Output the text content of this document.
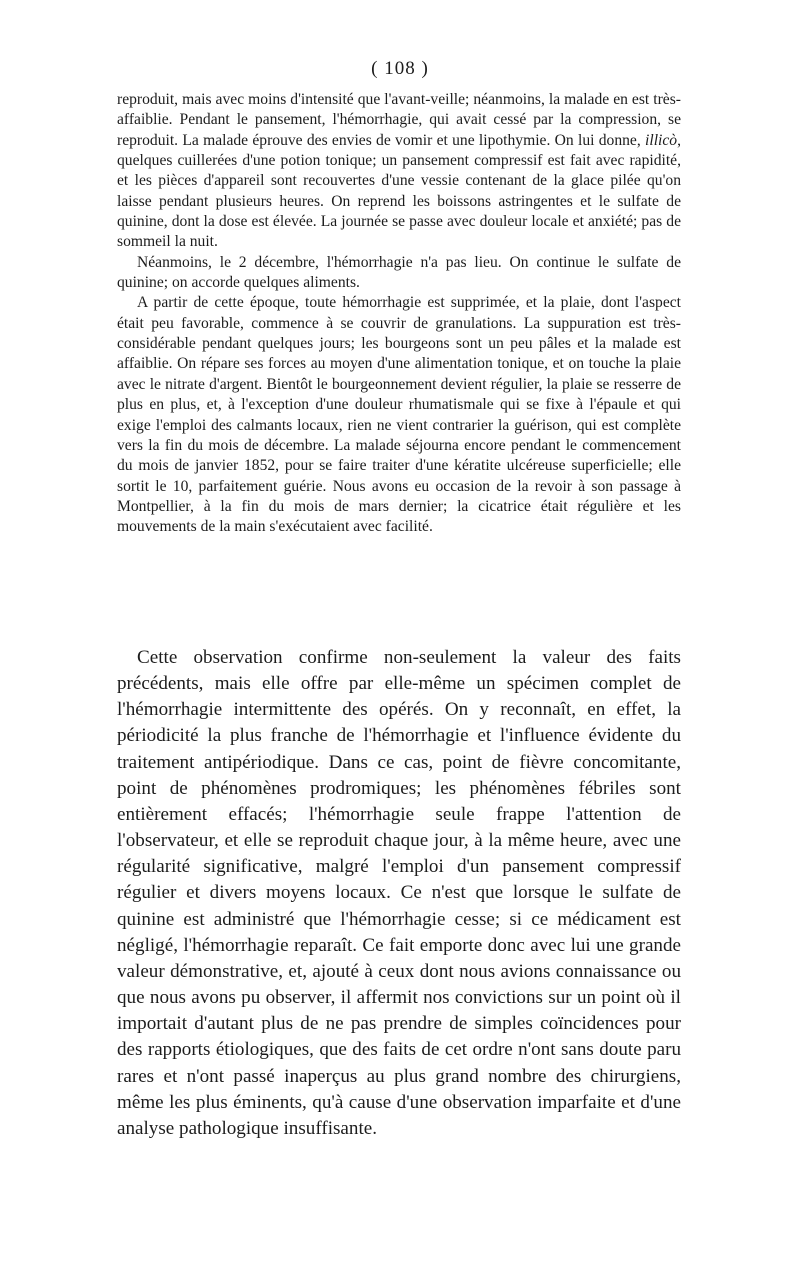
( 108 )

reproduit, mais avec moins d'intensité que l'avant-veille; néanmoins, la malade en est très-affaiblie. Pendant le pansement, l'hémorrhagie, qui avait cessé par la compression, se reproduit. La malade éprouve des envies de vomir et une lipothymie. On lui donne, illicò, quelques cuillerées d'une potion tonique; un pansement compressif est fait avec rapidité, et les pièces d'appareil sont recouvertes d'une vessie contenant de la glace pilée qu'on laisse pendant plusieurs heures. On reprend les boissons astringentes et le sulfate de quinine, dont la dose est élevée. La journée se passe avec douleur locale et anxiété; pas de sommeil la nuit.

Néanmoins, le 2 décembre, l'hémorrhagie n'a pas lieu. On continue le sulfate de quinine; on accorde quelques aliments.

A partir de cette époque, toute hémorrhagie est supprimée, et la plaie, dont l'aspect était peu favorable, commence à se couvrir de granulations. La suppuration est très-considérable pendant quelques jours; les bourgeons sont un peu pâles et la malade est affaiblie. On répare ses forces au moyen d'une alimentation tonique, et on touche la plaie avec le nitrate d'argent. Bientôt le bourgeonnement devient régulier, la plaie se resserre de plus en plus, et, à l'exception d'une douleur rhumatismale qui se fixe à l'épaule et qui exige l'emploi des calmants locaux, rien ne vient contrarier la guérison, qui est complète vers la fin du mois de décembre. La malade séjourna encore pendant le commencement du mois de janvier 1852, pour se faire traiter d'une kératite ulcéreuse superficielle; elle sortit le 10, parfaitement guérie. Nous avons eu occasion de la revoir à son passage à Montpellier, à la fin du mois de mars dernier; la cicatrice était régulière et les mouvements de la main s'exécutaient avec facilité.

Cette observation confirme non-seulement la valeur des faits précédents, mais elle offre par elle-même un spécimen complet de l'hémorrhagie intermittente des opérés. On y reconnaît, en effet, la périodicité la plus franche de l'hémorrhagie et l'influence évidente du traitement antipériodique. Dans ce cas, point de fièvre concomitante, point de phénomènes prodromiques; les phénomènes fébriles sont entièrement effacés; l'hémorrhagie seule frappe l'attention de l'observateur, et elle se reproduit chaque jour, à la même heure, avec une régularité significative, malgré l'emploi d'un pansement compressif régulier et divers moyens locaux. Ce n'est que lorsque le sulfate de quinine est administré que l'hémorrhagie cesse; si ce médicament est négligé, l'hémorrhagie reparaît. Ce fait emporte donc avec lui une grande valeur démonstrative, et, ajouté à ceux dont nous avions connaissance ou que nous avons pu observer, il affermit nos convictions sur un point où il importait d'autant plus de ne pas prendre de simples coïncidences pour des rapports étiologiques, que des faits de cet ordre n'ont sans doute paru rares et n'ont passé inaperçus au plus grand nombre des chirurgiens, même les plus éminents, qu'à cause d'une observation imparfaite et d'une analyse pathologique insuffisante.
